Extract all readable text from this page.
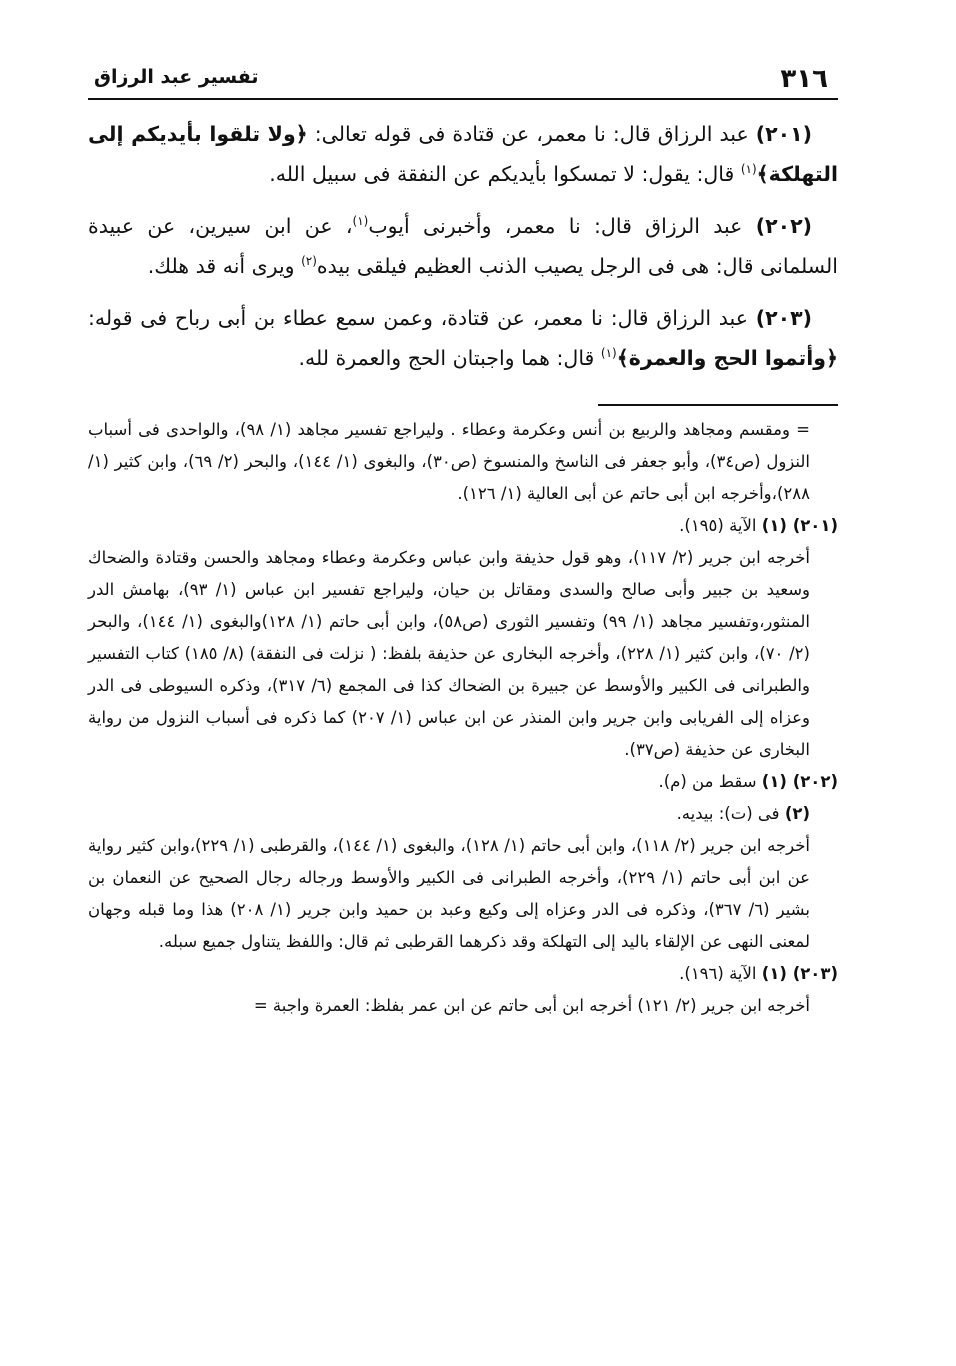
٣١٦
تفسير عبد الرزاق

(٢٠١) عبد الرزاق قال: نا معمر، عن قتادة فى قوله تعالى: ﴿ولا تلقوا بأيديكم إلى التهلكة﴾$^{(١)}$ قال: يقول: لا تمسكوا بأيديكم عن النفقة فى سبيل الله.

(٢٠٢) عبد الرزاق قال: نا معمر، وأخبرنى أيوب$^{(١)}$، عن ابن سيرين، عن عبيدة السلمانى قال: هى فى الرجل يصيب الذنب العظيم فيلقى بيده$^{(٢)}$ ويرى أنه قد هلك.

(٢٠٣) عبد الرزاق قال: نا معمر، عن قتادة، وعمن سمع عطاء بن أبى رباح فى قوله: ﴿وأتموا الحج والعمرة﴾$^{(١)}$ قال: هما واجبتان الحج والعمرة لله.

= ومقسم ومجاهد والربيع بن أنس وعكرمة وعطاء . وليراجع تفسير مجاهد (١/ ٩٨)، والواحدى فى أسباب النزول (ص٣٤)، وأبو جعفر فى الناسخ والمنسوخ (ص٣٠)، والبغوى (١/ ١٤٤)، والبحر (٢/ ٦٩)، وابن كثير (١/ ٢٨٨)،وأخرجه ابن أبى حاتم عن أبى العالية (١/ ١٢٦).

(٢٠١) (١) الآية (١٩٥).

أخرجه ابن جرير (٢/ ١١٧)، وهو قول حذيفة وابن عباس وعكرمة وعطاء ومجاهد والحسن وقتادة والضحاك وسعيد بن جبير وأبى صالح والسدى ومقاتل بن حيان، وليراجع تفسير ابن عباس (١/ ٩٣)، بهامش الدر المنثور،وتفسير مجاهد (١/ ٩٩) وتفسير الثورى (ص٥٨)، وابن أبى حاتم (١/ ١٢٨)والبغوى (١/ ١٤٤)، والبحر (٢/ ٧٠)، وابن كثير (١/ ٢٢٨)، وأخرجه البخارى عن حذيفة بلفظ: ( نزلت فى النفقة) (٨/ ١٨٥) كتاب التفسير والطبرانى فى الكبير والأوسط عن جبيرة بن الضحاك كذا فى المجمع (٦/ ٣١٧)، وذكره السيوطى فى الدر وعزاه إلى الفريابى وابن جرير وابن المنذر عن ابن عباس (١/ ٢٠٧) كما ذكره فى أسباب النزول من رواية البخارى عن حذيفة (ص٣٧).

(٢٠٢) (١) سقط من (م).

(٢) فى (ت): بيديه.

أخرجه ابن جرير (٢/ ١١٨)، وابن أبى حاتم (١/ ١٢٨)، والبغوى (١/ ١٤٤)، والقرطبى (١/ ٢٢٩)،وابن كثير رواية عن ابن أبى حاتم (١/ ٢٢٩)، وأخرجه الطبرانى فى الكبير والأوسط ورجاله رجال الصحيح عن النعمان بن بشير (٦/ ٣٦٧)، وذكره فى الدر وعزاه إلى وكيع وعبد بن حميد وابن جرير (١/ ٢٠٨) هذا وما قبله وجهان لمعنى النهى عن الإلقاء باليد إلى التهلكة وقد ذكرهما القرطبى ثم قال: واللفظ يتناول جميع سبله.

(٢٠٣) (١) الآية (١٩٦).

أخرجه ابن جرير (٢/ ١٢١) أخرجه ابن أبى حاتم عن ابن عمر بفلظ: العمرة واجبة =
